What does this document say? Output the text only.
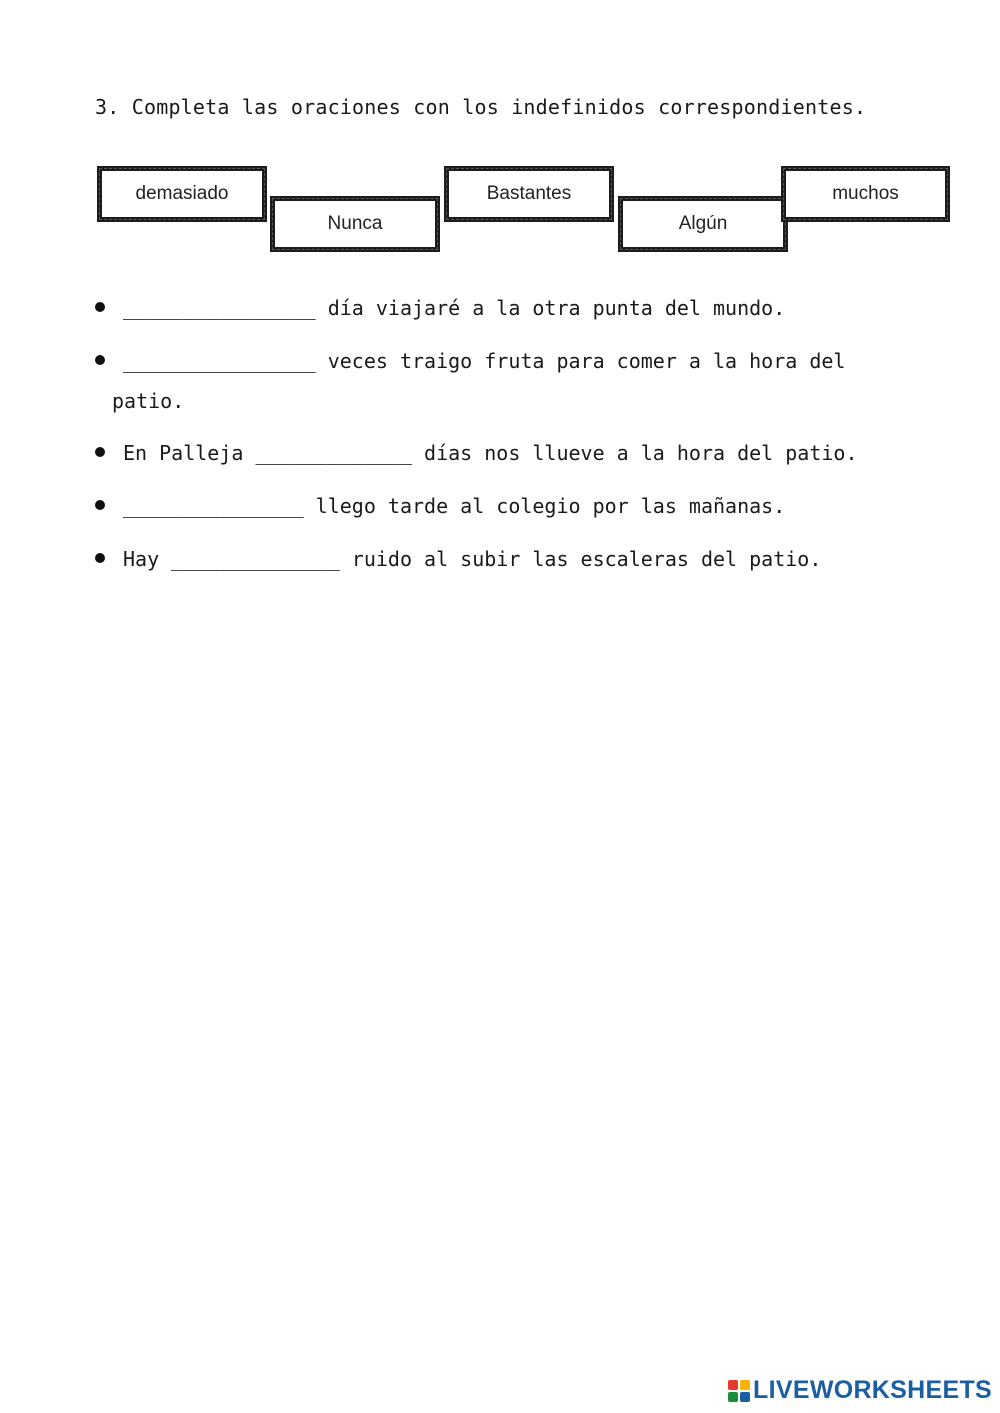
3. Completa las oraciones con los indefinidos correspondientes.
demasiado
Nunca
Bastantes
Algún
muchos
________________ día viajaré a la otra punta del mundo.
________________ veces traigo fruta para comer a la hora del
patio.
En Palleja _____________ días nos llueve a la hora del patio.
_______________ llego tarde al colegio por las mañanas.
Hay ______________ ruido al subir las escaleras del patio.
LIVEWORKSHEETS
